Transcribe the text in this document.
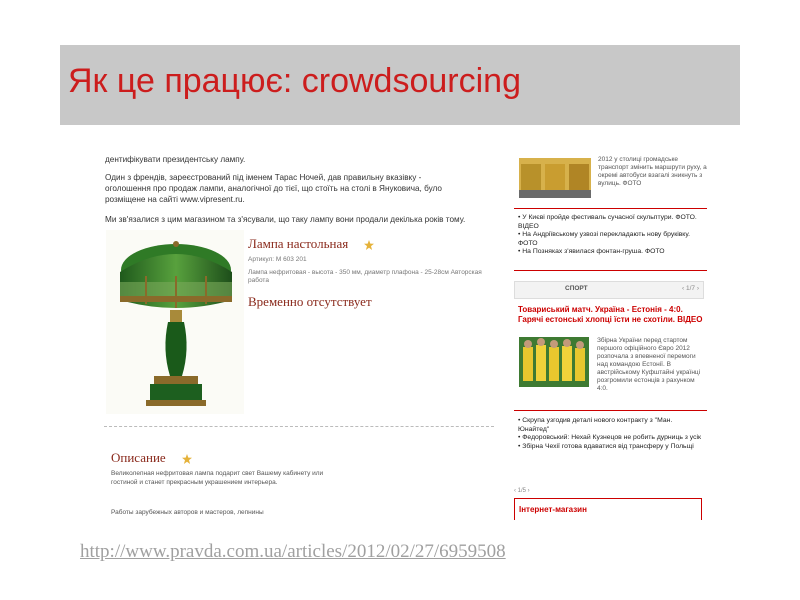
Як це працює: crowdsourcing
дентифікувати президентську лампу.
Один з френдів, зареєстрований під іменем Тарас Ночей, дав правильну вказівку -
оголошення про продаж лампи, аналогічної до тієї, що стоїть на столі в Януковича, було
розміщене на сайті www.vipresent.ru.
Ми зв'язалися з цим магазином та з'ясували, що таку лампу вони продали декілька років тому.
Лампа настольная
Артикул: М 603 201
Лампа нефритовая - высота - 350 мм, диаметр плафона - 25-28см Авторская работа
Временно отсутствует
Описание
Великолепная нефритовая лампа подарит свет Вашему кабинету или гостиной и станет прекрасным украшением интерьера.
Работы зарубежных авторов и мастеров, лепнины
2012 у столиці громадське транспорт змінить маршрути руху, а окремі автобуси взагалі зникнуть з вулиць. ФОТО
• У Києві пройде фестиваль сучасної скульптури. ФОТО. ВІДЕО
• На Андріївському узвозі перекладають нову бруківку. ФОТО
• На Позняках з'явилася фонтан-груша. ФОТО
СПОРТ	‹ 1/7 ›
Товариський матч. Україна - Естонія - 4:0. Гарячі естонські хлопці їсти не схотіли. ВІДЕО
Збірна України перед стартом першого офіційного Євро 2012 розпочала з впевненої перемоги над командою Естонії. В австрійському Куфштайні українці розгромили естонців з рахунком 4:0.
• Скрупа узгодив деталі нового контракту з "Ман. Юнайтед"
• Федоровський: Нехай Кузнецов не робить дурниць з усік
• Збірна Чехії готова вдаватися від трансферу у Польщі
‹ 1/5 ›
Інтернет-магазин
http://www.pravda.com.ua/articles/2012/02/27/6959508
